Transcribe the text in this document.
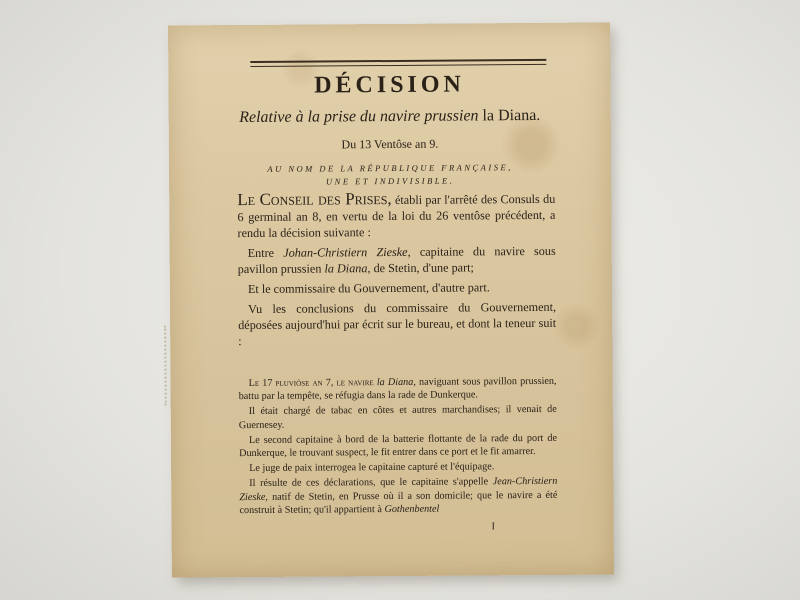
DÉCISION
Relative à la prise du navire prussien la Diana.
Du 13 Ventôse an 9.
AU NOM DE LA RÉPUBLIQUE FRANÇAISE,
UNE ET INDIVISIBLE.

Le Conseil des Prises, établi par l'arrêté des Consuls du 6 germinal an 8, en vertu de la loi du 26 ventôse précédent, a rendu la décision suivante :

Entre Johan-Christiern Zieske, capitaine du navire sous pavillon prussien la Diana, de Stetin, d'une part;

Et le commissaire du Gouvernement, d'autre part.

Vu les conclusions du commissaire du Gouvernement, déposées aujourd'hui par écrit sur le bureau, et dont la teneur suit :

Le 17 pluviôse an 7, le navire la Diana, naviguant sous pavillon prussien, battu par la tempête, se réfugia dans la rade de Dunkerque.

Il était chargé de tabac en côtes et autres marchandises; il venait de Guernesey.

Le second capitaine à bord de la batterie flottante de la rade du port de Dunkerque, le trouvant suspect, le fit entrer dans ce port et le fit amarrer.

Le juge de paix interrogea le capitaine capturé et l'équipage.

Il résulte de ces déclarations, que le capitaine s'appelle Jean-Christiern Zieske, natif de Stetin, en Prusse où il a son domicile; que le navire a été construit à Stetin; qu'il appartient à Gothenbentel

I
